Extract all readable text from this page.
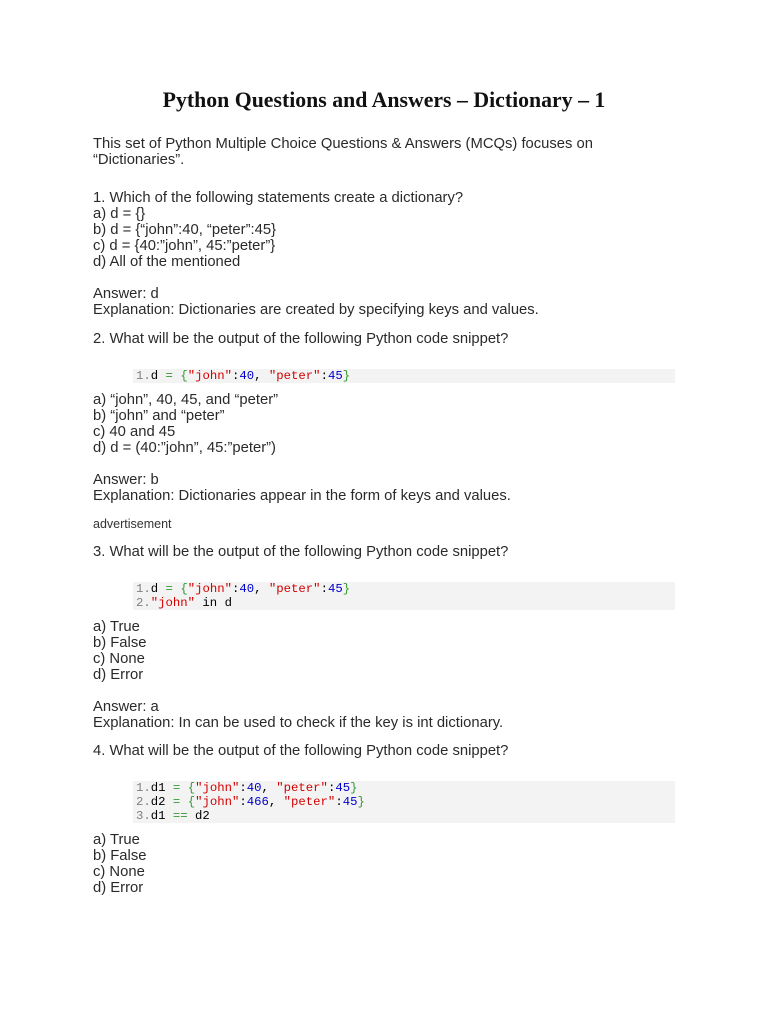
Python Questions and Answers – Dictionary – 1

This set of Python Multiple Choice Questions & Answers (MCQs) focuses on “Dictionaries”.

1. Which of the following statements create a dictionary?
a) d = {}
b) d = {“john”:40, “peter”:45}
c) d = {40:”john”, 45:”peter”}
d) All of the mentioned
Answer: d
Explanation: Dictionaries are created by specifying keys and values.
2. What will be the output of the following Python code snippet?
1.d = {"john":40, "peter":45}
a) “john”, 40, 45, and “peter”
b) “john” and “peter”
c) 40 and 45
d) d = (40:”john”, 45:”peter”)
Answer: b
Explanation: Dictionaries appear in the form of keys and values.
advertisement
3. What will be the output of the following Python code snippet?
1.d = {"john":40, "peter":45}
2."john" in d
a) True
b) False
c) None
d) Error
Answer: a
Explanation: In can be used to check if the key is int dictionary.
4. What will be the output of the following Python code snippet?
1.d1 = {"john":40, "peter":45}
2.d2 = {"john":466, "peter":45}
3.d1 == d2
a) True
b) False
c) None
d) Error
